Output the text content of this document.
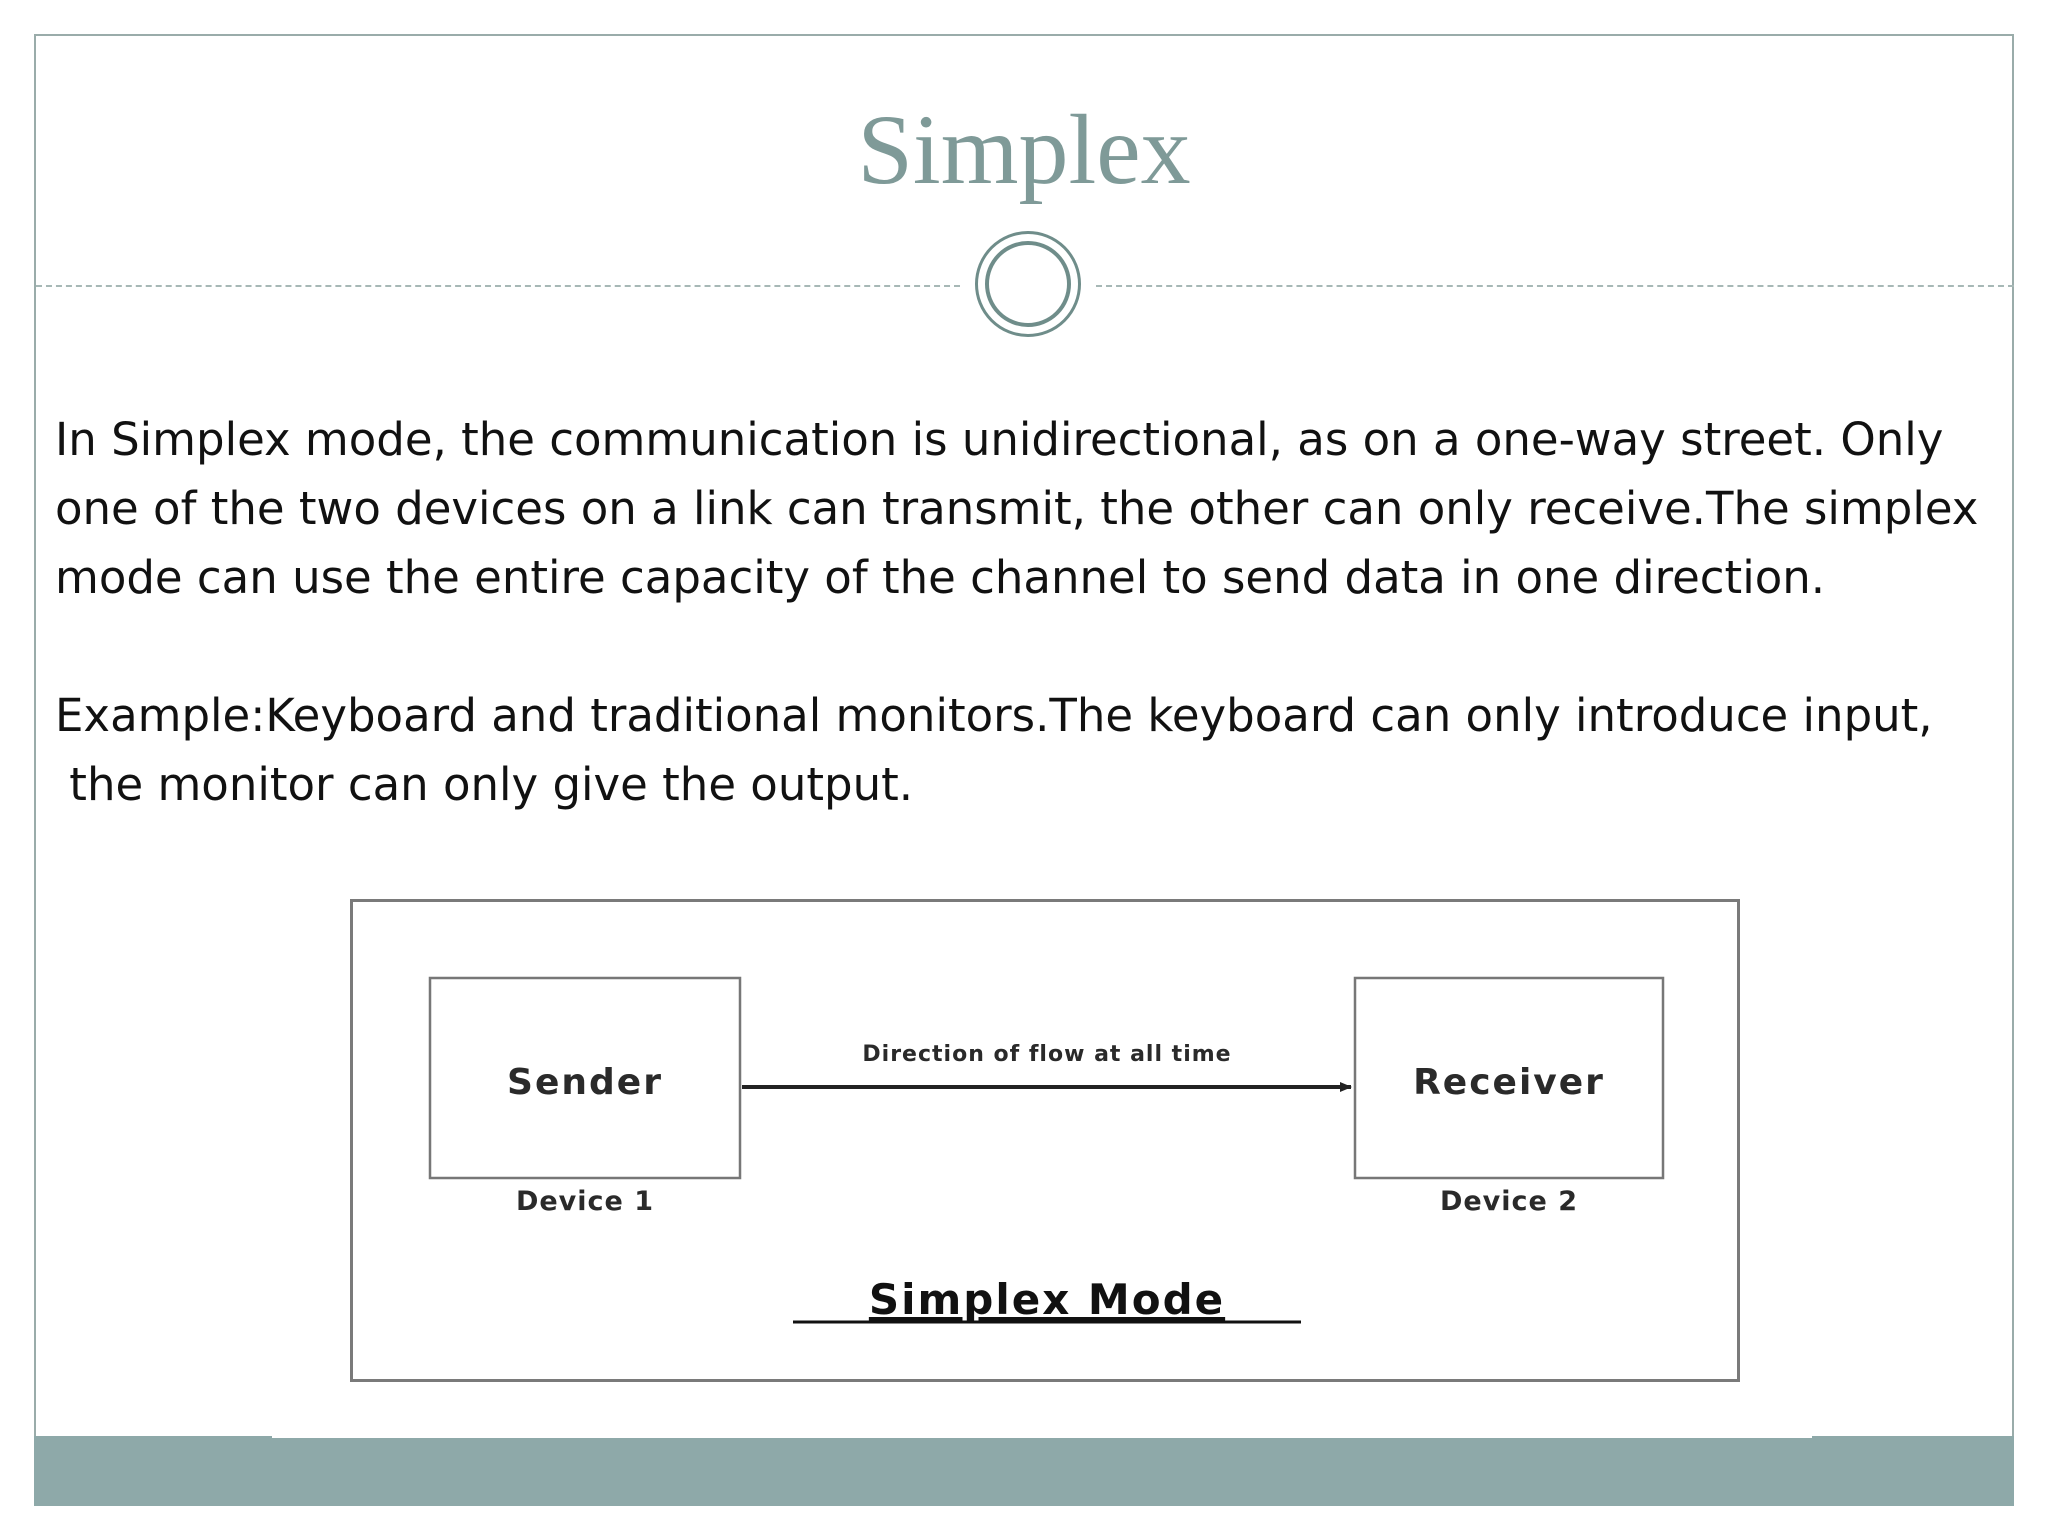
Simplex

In Simplex mode, the communication is unidirectional, as on a one-way street. Only

one of the two devices on a link can transmit, the other can only receive.The simplex

mode can use the entire capacity of the channel to send data in one direction.

Example:Keyboard and traditional monitors.The keyboard can only introduce input,

the monitor can only give the output.

Sender	Receiver
Device 1	Device 2
Direction of flow at all time
Simplex Mode
